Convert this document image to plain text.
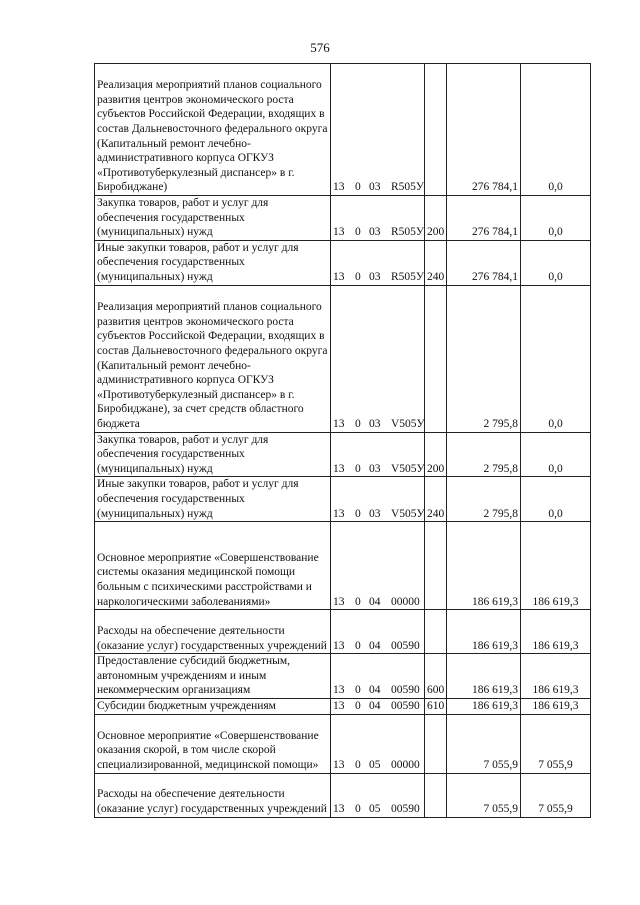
576
Реализация мероприятий планов социального развития центров экономического роста субъектов Российской Федерации, входящих в состав Дальневосточного федерального округа (Капитальный ремонт лечебно-административного корпуса ОГКУЗ «Противотуберкулезный диспансер» в г. Биробиджане)	13 0 03 R505У		276 784,1	0,0
Закупка товаров, работ и услуг для обеспечения государственных (муниципальных) нужд	13 0 03 R505У	200	276 784,1	0,0
Иные закупки товаров, работ и услуг для обеспечения государственных (муниципальных) нужд	13 0 03 R505У	240	276 784,1	0,0
Реализация мероприятий планов социального развития центров экономического роста субъектов Российской Федерации, входящих в состав Дальневосточного федерального округа (Капитальный ремонт лечебно-административного корпуса ОГКУЗ «Противотуберкулезный диспансер» в г. Биробиджане), за счет средств областного бюджета	13 0 03 V505У		2 795,8	0,0
Закупка товаров, работ и услуг для обеспечения государственных (муниципальных) нужд	13 0 03 V505У	200	2 795,8	0,0
Иные закупки товаров, работ и услуг для обеспечения государственных (муниципальных) нужд	13 0 03 V505У	240	2 795,8	0,0
Основное мероприятие «Совершенствование системы оказания медицинской помощи больным с психическими расстройствами и наркологическими заболеваниями»	13 0 04 00000		186 619,3	186 619,3
Расходы на обеспечение деятельности (оказание услуг) государственных учреждений	13 0 04 00590		186 619,3	186 619,3
Предоставление субсидий бюджетным, автономным учреждениям и иным некоммерческим организациям	13 0 04 00590	600	186 619,3	186 619,3
Субсидии бюджетным учреждениям	13 0 04 00590	610	186 619,3	186 619,3
Основное мероприятие «Совершенствование оказания скорой, в том числе скорой специализированной, медицинской помощи»	13 0 05 00000		7 055,9	7 055,9
Расходы на обеспечение деятельности (оказание услуг) государственных учреждений	13 0 05 00590		7 055,9	7 055,9
